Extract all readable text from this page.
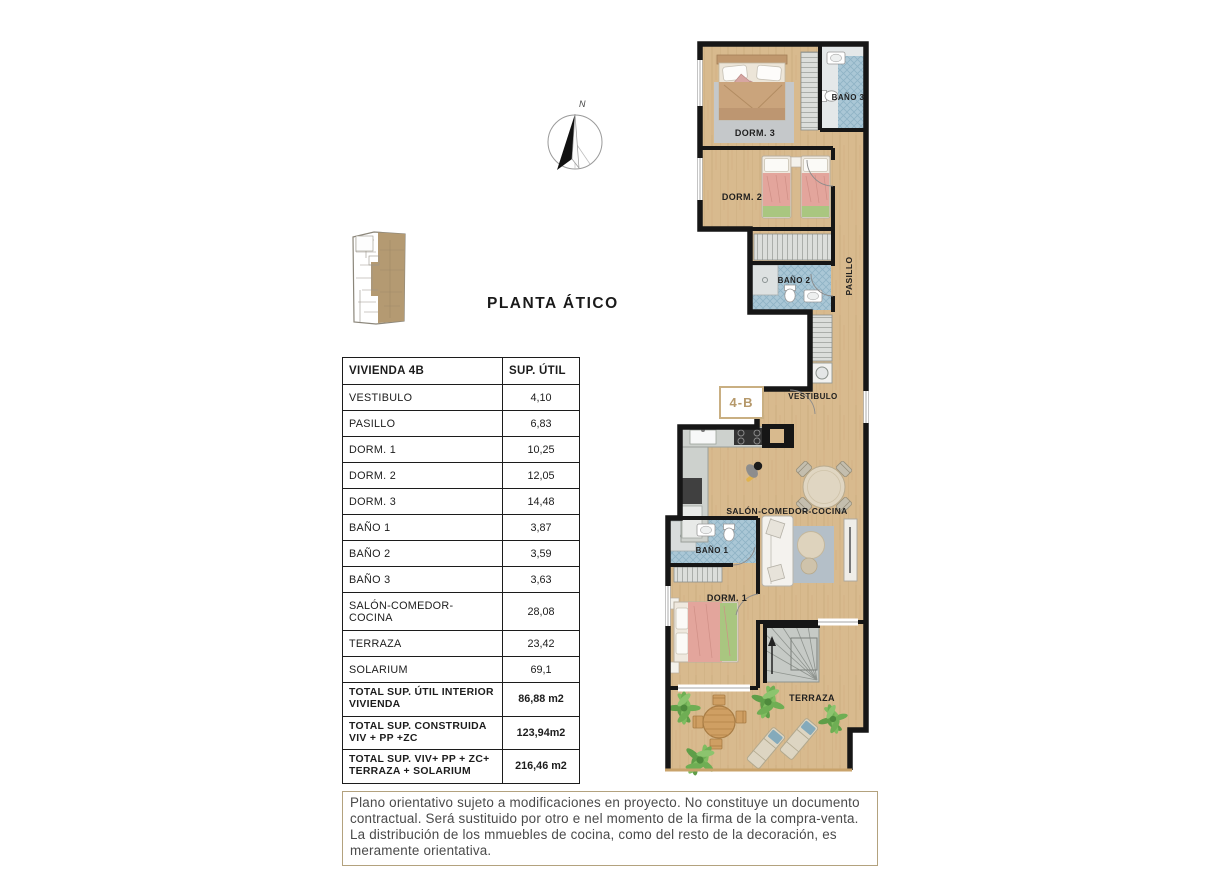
4-B
DORM. 3
BAÑO 3
DORM. 2
BAÑO 2	PASILLO
VESTIBULO
SALÓN-COMEDOR-COCINA
BAÑO 1
DORM. 1
TERRAZA
N
PLANTA ÁTICO
VIVIENDA 4B	SUP. ÚTIL
VESTIBULO	4,10
PASILLO	6,83
DORM. 1	10,25
DORM. 2	12,05
DORM. 3	14,48
BAÑO 1	3,87
BAÑO 2	3,59
BAÑO 3	3,63
SALÓN-COMEDOR-COCINA	28,08
TERRAZA	23,42
SOLARIUM	69,1
TOTAL SUP. ÚTIL INTERIOR VIVIENDA	86,88 m2
TOTAL SUP. CONSTRUIDA VIV + PP +ZC	123,94m2
TOTAL SUP. VIV+ PP + ZC+ TERRAZA + SOLARIUM	216,46 m2
Plano orientativo sujeto a modificaciones en proyecto. No constituye un documento contractual. Será sustituido por otro e nel momento de la firma de la compra-venta. La distribución de los mmuebles de cocina, como del resto de la decoración, es meramente orientativa.
